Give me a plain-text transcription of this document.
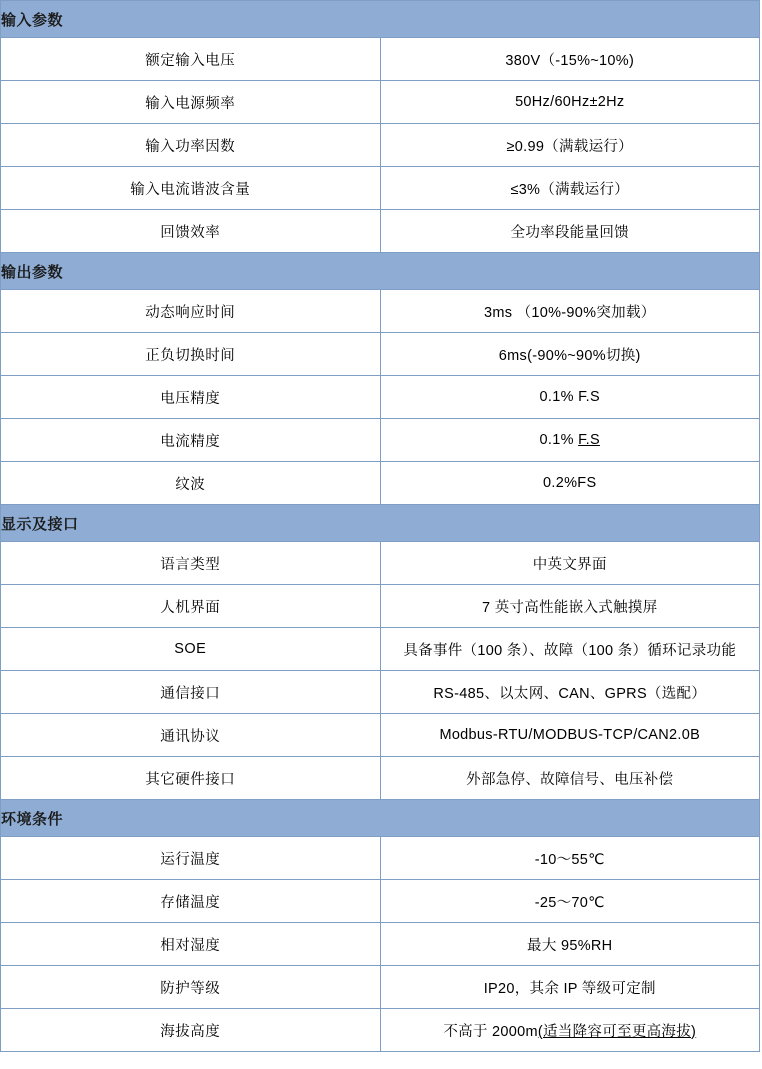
输入参数	
额定输入电压	380V（-15%~10%)
输入电源频率	50Hz/60Hz±2Hz
输入功率因数	≥0.99（满载运行）
输入电流谐波含量	≤3%（满载运行）
回馈效率	全功率段能量回馈
输出参数	
动态响应时间	3ms （10%-90%突加载）
正负切换时间	6ms(-90%~90%切换)
电压精度	0.1% F.S
电流精度	0.1% F.S
纹波	0.2%FS
显示及接口	
语言类型	中英文界面
人机界面	7 英寸高性能嵌入式触摸屏
SOE	具备事件（100 条）、故障（100 条）循环记录功能
通信接口	RS-485、以太网、CAN、GPRS（选配）
通讯协议	Modbus-RTU/MODBUS-TCP/CAN2.0B
其它硬件接口	外部急停、故障信号、电压补偿
环境条件	
运行温度	-10～55℃
存储温度	-25～70℃
相对湿度	最大 95%RH
防护等级	IP20，其余 IP 等级可定制
海拔高度	不高于 2000m(适当降容可至更高海拔)
